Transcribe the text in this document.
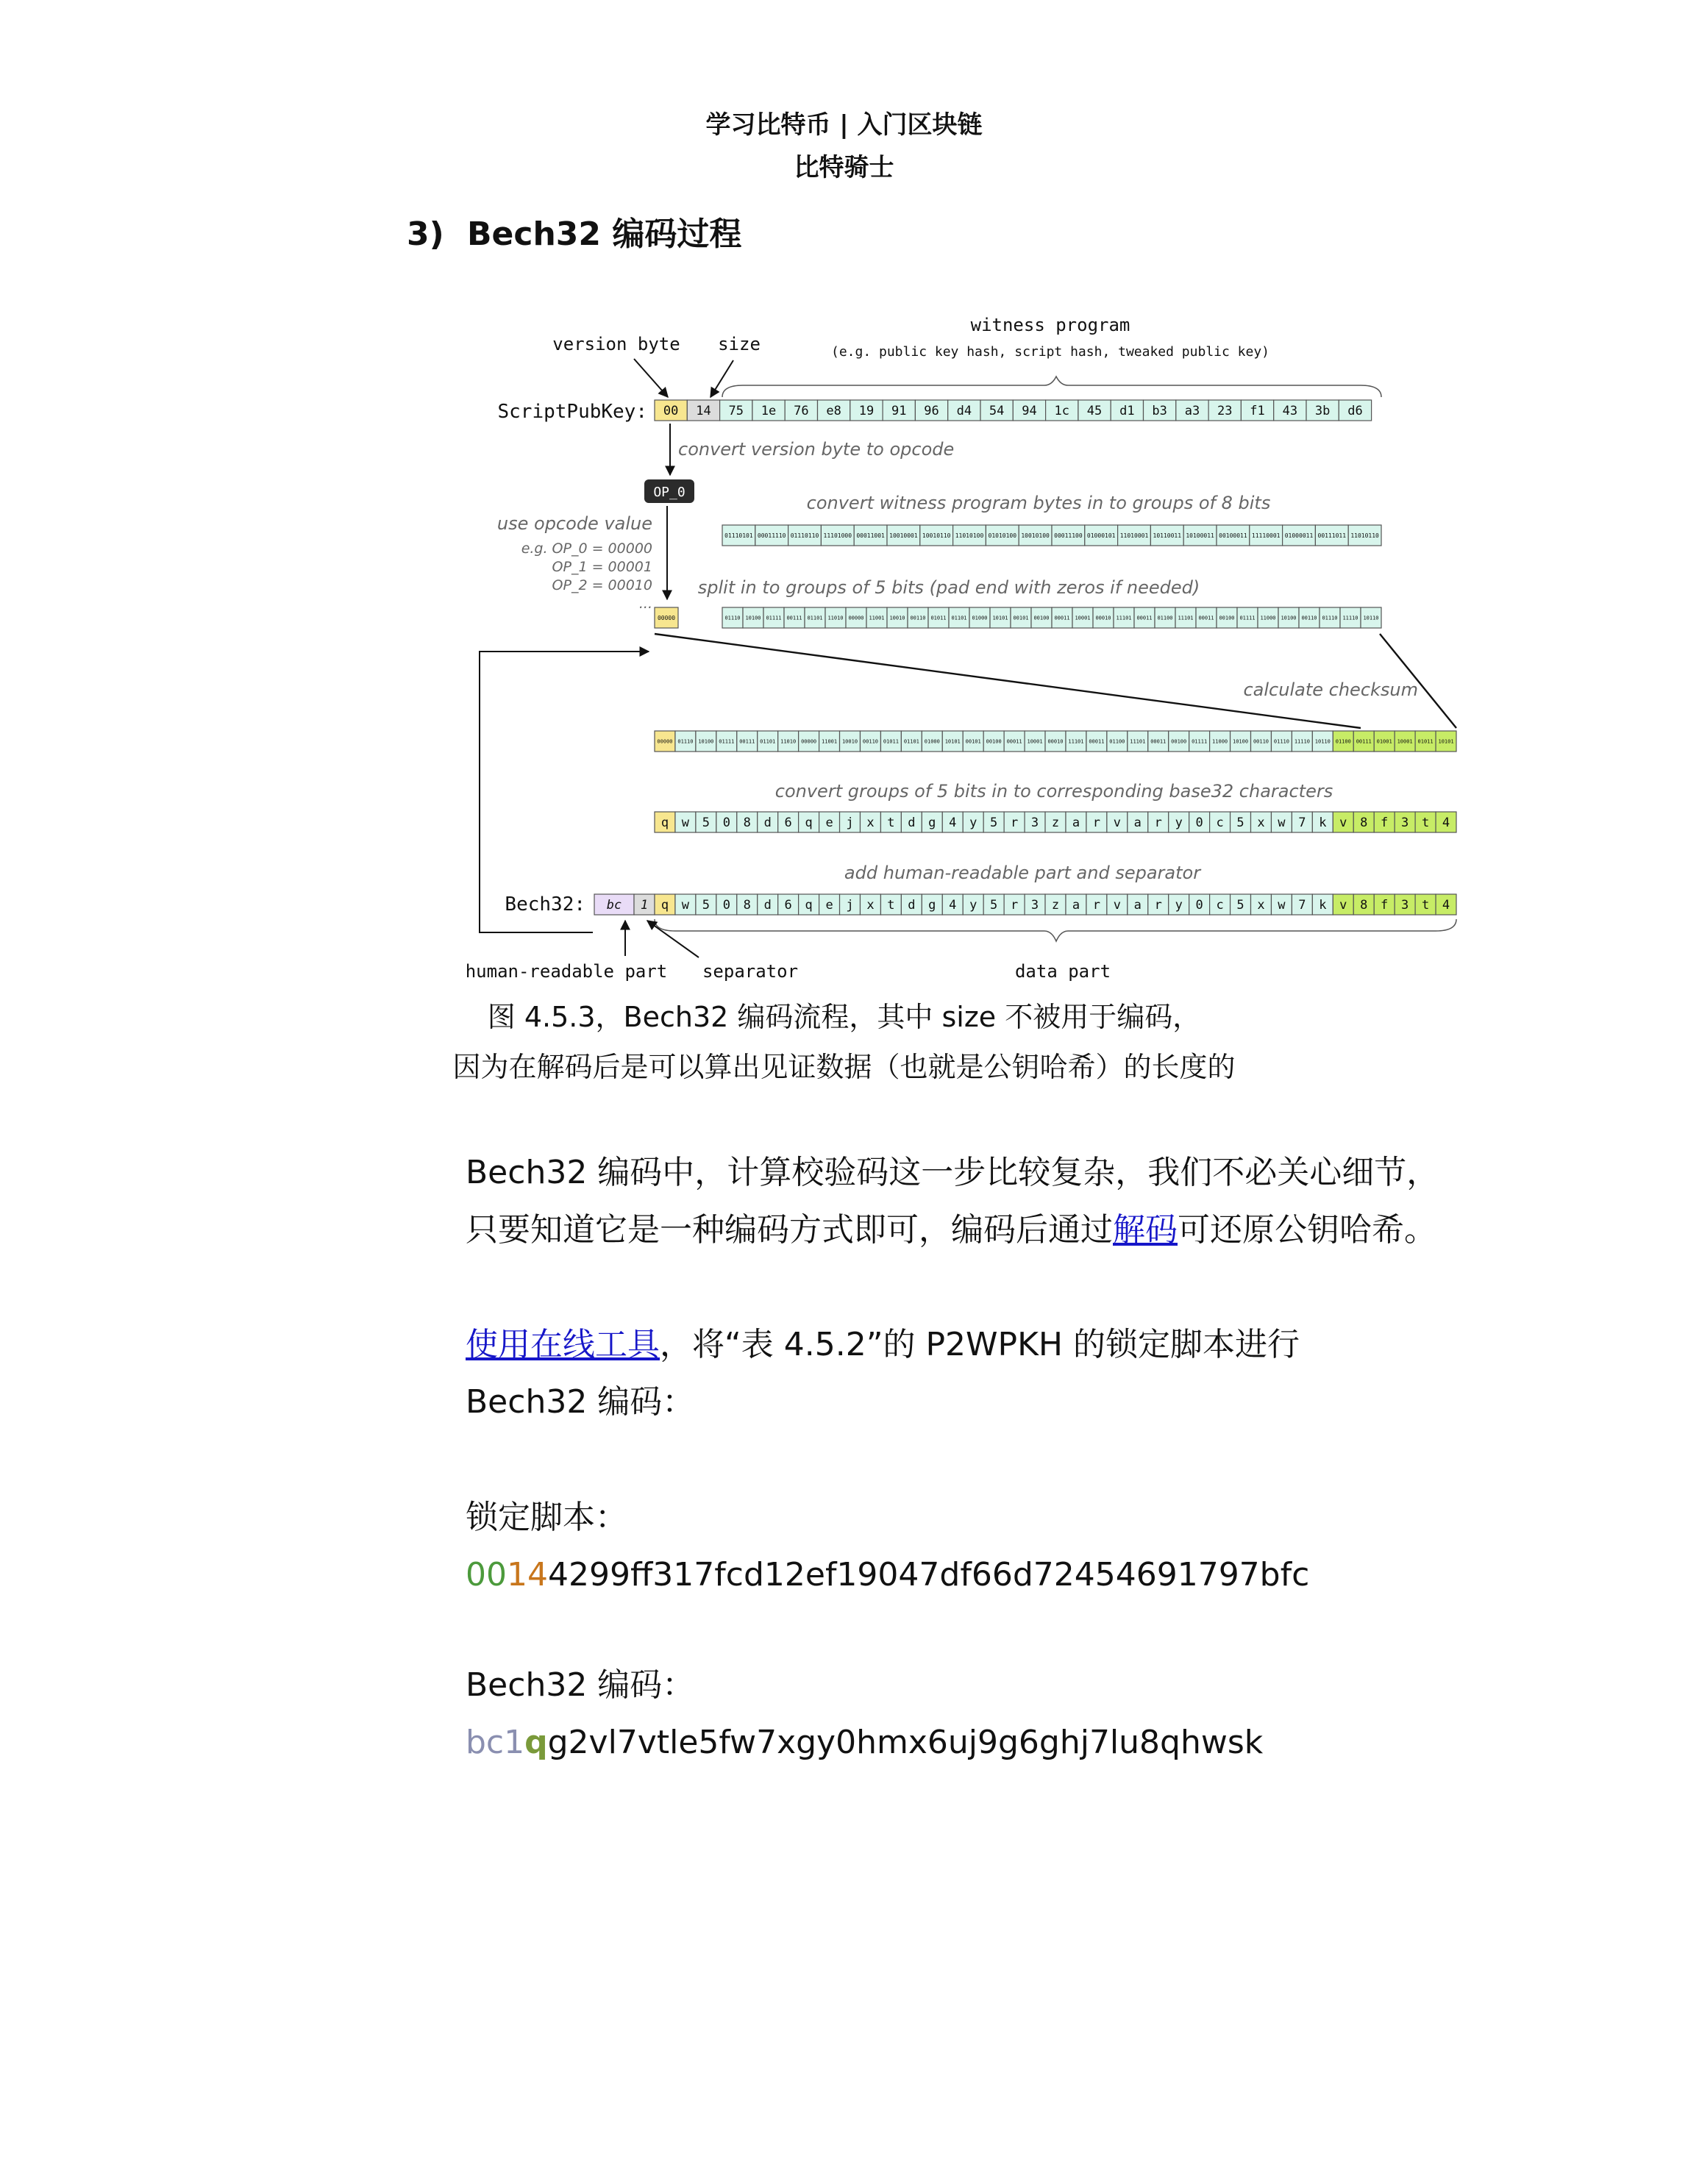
学习比特币 | 入门区块链
比特骑士
3) Bech32 编码过程
version byte size
witness program
(e.g. public key hash, script hash, tweaked public key)
ScriptPubKey: 00 14 75 1e 76 e8 19 91 96 d4 54 94 1c 45 d1 b3 a3 23 f1 43 3b d6
convert version byte to opcode
OP_0
convert witness program bytes in to groups of 8 bits
use opcode value
e.g. OP_0 = 00000
OP_1 = 00001
OP_2 = 00010
...
01110101 00011110 01110110 11101000 00011001 10010001 10010110 11010100 01010100 10010100 00011100 01000101 11010001 10110011 10100011 00100011 11110001 01000011 00111011 11010110
split in to groups of 5 bits (pad end with zeros if needed)
00000	01110 10100 01111 00111 01101 11010 00000 11001 10010 00110 01011 01101 01000 10101 00101 00100 00011 10001 00010 11101 00011 01100 11101 00011 00100 01111 11000 10100 00110 01110 11110 10110
calculate checksum
00000 01110 10100 01111 00111 01101 11010 00000 11001 10010 00110 01011 01101 01000 10101 00101 00100 00011 10001 00010 11101 00011 01100 11101 00011 00100 01111 11000 10100 00110 01110 11110 10110 01100 00111 01001 10001 01011 10101
convert groups of 5 bits in to corresponding base32 characters
q w 5 0 8 d 6 q e j x t d g 4 y 5 r 3 z a r v a r y 0 c 5 x w 7 k v 8 f 3 t 4
add human-readable part and separator
Bech32: bc 1 q w 5 0 8 d 6 q e j x t d g 4 y 5 r 3 z a r v a r y 0 c 5 x w 7 k v 8 f 3 t 4
human-readable part separator	data part
图 4.5.3，Bech32 编码流程，其中 size 不被用于编码，
因为在解码后是可以算出见证数据（也就是公钥哈希）的长度的
Bech32 编码中，计算校验码这一步比较复杂，我们不必关心细节，
只要知道它是一种编码方式即可，编码后通过解码可还原公钥哈希。
使用在线工具，将“表 4.5.2”的 P2WPKH 的锁定脚本进行
Bech32 编码：
锁定脚本：
00144299ff317fcd12ef19047df66d72454691797bfc
Bech32 编码：
bc1qg2vl7vtle5fw7xgy0hmx6uj9g6ghj7lu8qhwsk
